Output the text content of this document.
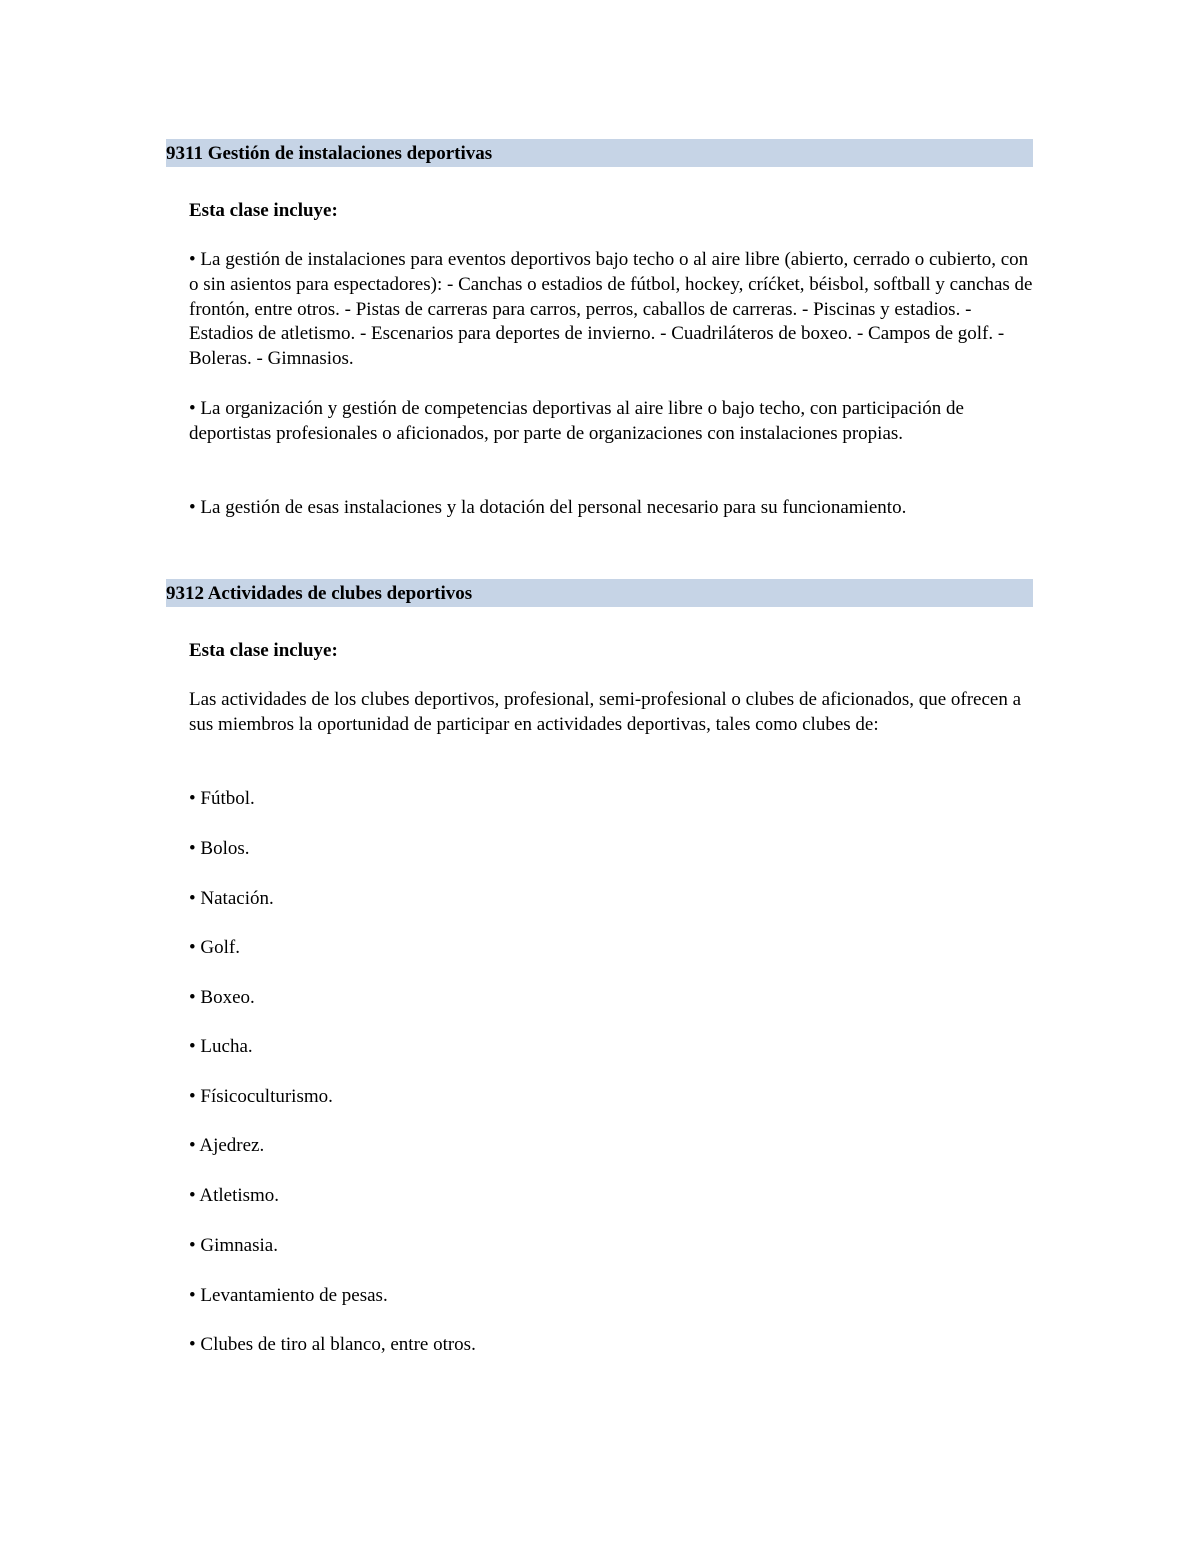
9311 Gestión de instalaciones deportivas
Esta clase incluye:

• La gestión de instalaciones para eventos deportivos bajo techo o al aire libre (abierto, cerrado o cubierto, con o sin asientos para espectadores): - Canchas o estadios de fútbol, hockey, críćket, béisbol, softball y canchas de frontón, entre otros. - Pistas de carreras para carros, perros, caballos de carreras. - Piscinas y estadios. - Estadios de atletismo. - Escenarios para deportes de invierno. - Cuadriláteros de boxeo. - Campos de golf. - Boleras. - Gimnasios.

• La organización y gestión de competencias deportivas al aire libre o bajo techo, con participación de deportistas profesionales o aficionados, por parte de organizaciones con instalaciones propias.

• La gestión de esas instalaciones y la dotación del personal necesario para su funcionamiento.

9312 Actividades de clubes deportivos
Esta clase incluye:

Las actividades de los clubes deportivos, profesional, semi-profesional o clubes de aficionados, que ofrecen a sus miembros la oportunidad de participar en actividades deportivas, tales como clubes de:

• Fútbol.
• Bolos.
• Natación.
• Golf.
• Boxeo.
• Lucha.
• Físicoculturismo.
• Ajedrez.
• Atletismo.
• Gimnasia.
• Levantamiento de pesas.
• Clubes de tiro al blanco, entre otros.
